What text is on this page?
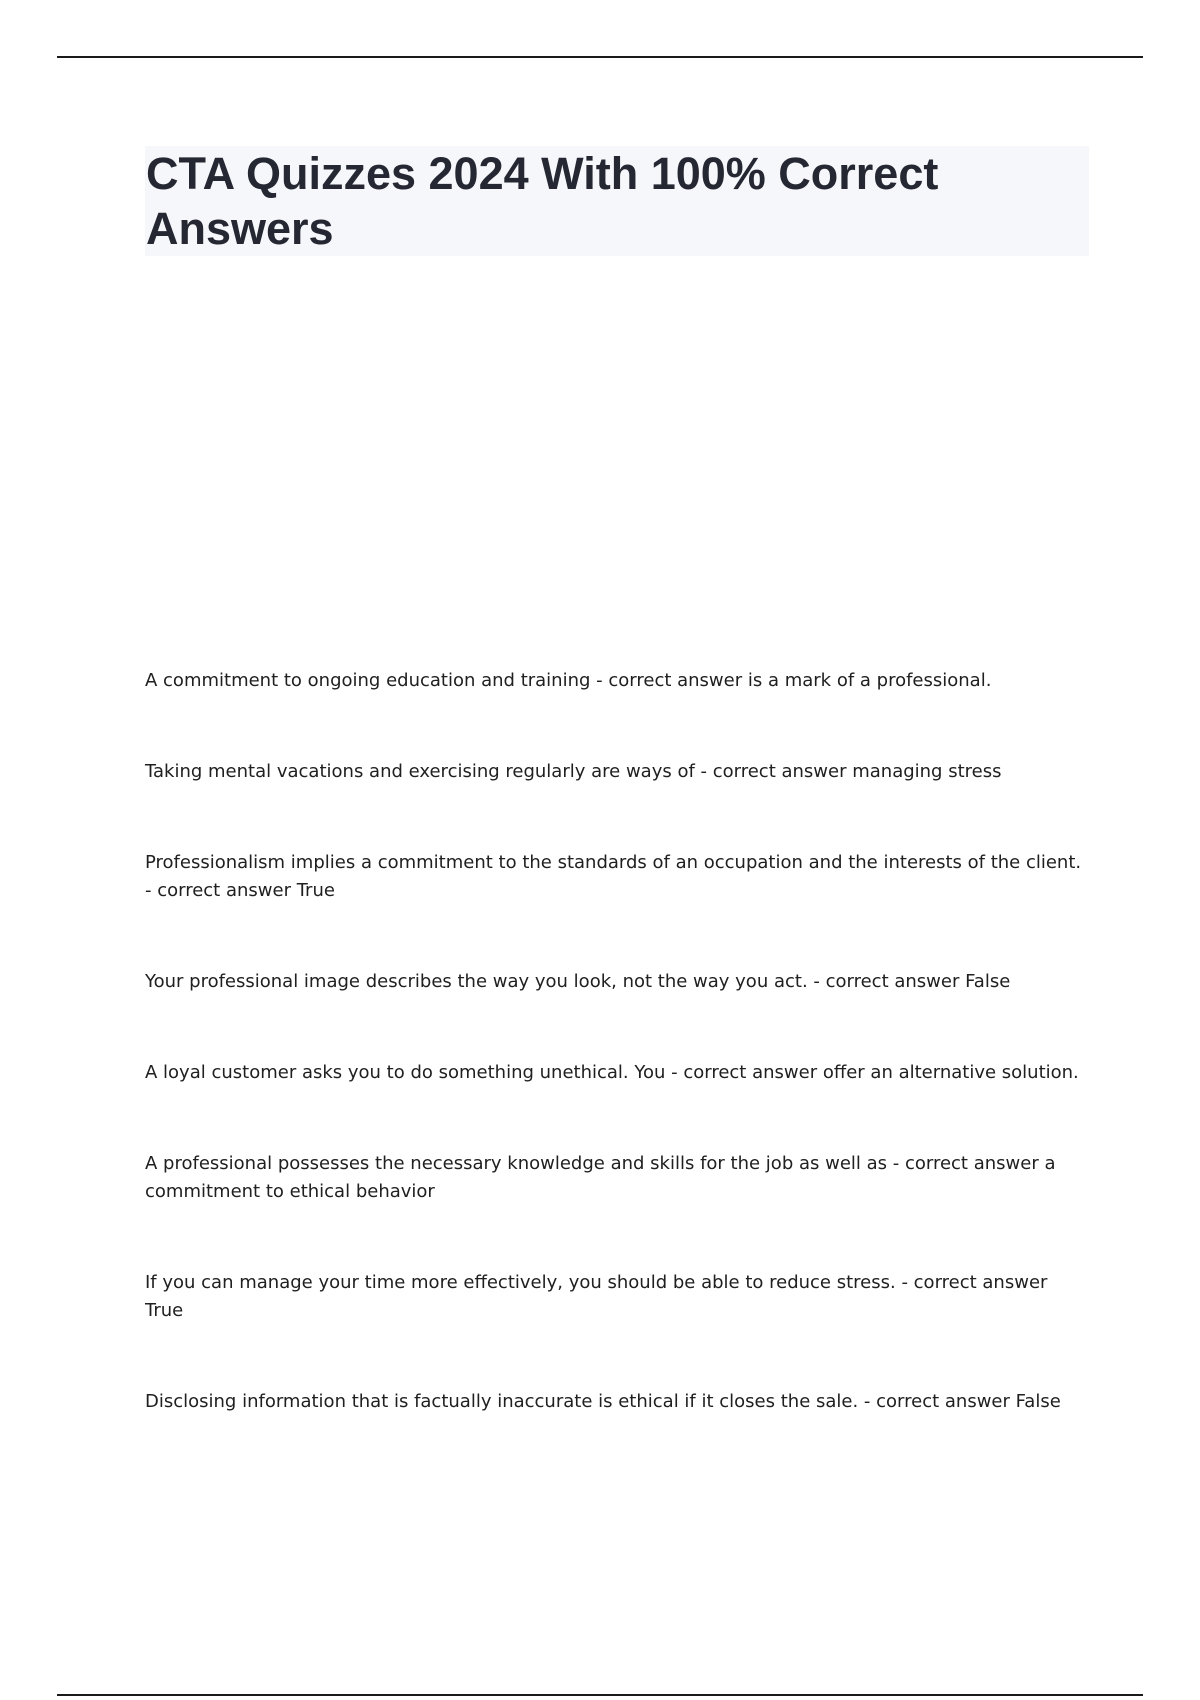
CTA Quizzes 2024 With 100% Correct Answers
A commitment to ongoing education and training - correct answer is a mark of a professional.
Taking mental vacations and exercising regularly are ways of - correct answer managing stress
Professionalism implies a commitment to the standards of an occupation and the interests of the client. - correct answer True
Your professional image describes the way you look, not the way you act. - correct answer False
A loyal customer asks you to do something unethical. You - correct answer offer an alternative solution.
A professional possesses the necessary knowledge and skills for the job as well as - correct answer a commitment to ethical behavior
If you can manage your time more effectively, you should be able to reduce stress. - correct answer True
Disclosing information that is factually inaccurate is ethical if it closes the sale. - correct answer False
